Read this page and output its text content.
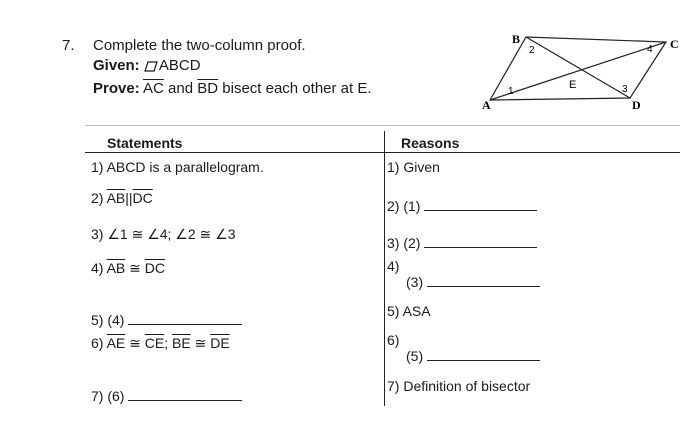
7. Complete the two-column proof.
Given: ABCD
Prove: $\overline{AC}$ and $\overline{BD}$ bisect each other at E.
A
B	C
D
E
1
2
3
4
Statements	Reasons
1) ABCD is a parallelogram.
2) $\overline{AB}||\overline{DC}$
3) ∠1 ≅ ∠4; ∠2 ≅ ∠3
4) $\overline{AB}$ ≅ $\overline{DC}$
5) (4)
6) $\overline{AE}$ ≅ $\overline{CE}$; $\overline{BE}$ ≅ $\overline{DE}$
7) (6)
1) Given
2) (1)
3) (2)
4)
(3)
5) ASA
6)
(5)
7) Definition of bisector
